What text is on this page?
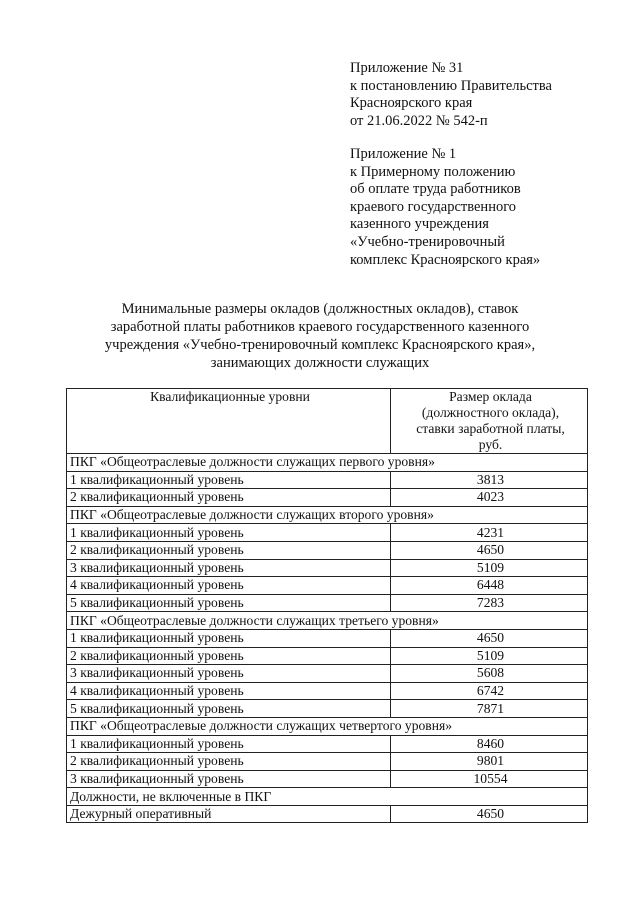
Приложение № 31
к постановлению Правительства
Красноярского края
от 21.06.2022 № 542-п
Приложение № 1
к Примерному положению
об оплате труда работников
краевого государственного
казенного учреждения
«Учебно-тренировочный
комплекс Красноярского края»
Минимальные размеры окладов (должностных окладов), ставок
заработной платы работников краевого государственного казенного
учреждения «Учебно-тренировочный комплекс Красноярского края»,
занимающих должности служащих
Квалификационные уровни	Размер оклада
(должностного оклада),
ставки заработной платы,
руб.

ПКГ «Общеотраслевые должности служащих первого уровня»	
1 квалификационный уровень	3813
2 квалификационный уровень	4023
ПКГ «Общеотраслевые должности служащих второго уровня»	
1 квалификационный уровень	4231
2 квалификационный уровень	4650
3 квалификационный уровень	5109
4 квалификационный уровень	6448
5 квалификационный уровень	7283
ПКГ «Общеотраслевые должности служащих третьего уровня»	
1 квалификационный уровень	4650
2 квалификационный уровень	5109
3 квалификационный уровень	5608
4 квалификационный уровень	6742
5 квалификационный уровень	7871
ПКГ «Общеотраслевые должности служащих четвертого уровня»	
1 квалификационный уровень	8460
2 квалификационный уровень	9801
3 квалификационный уровень	10554
Должности, не включенные в ПКГ	
Дежурный оперативный	4650
